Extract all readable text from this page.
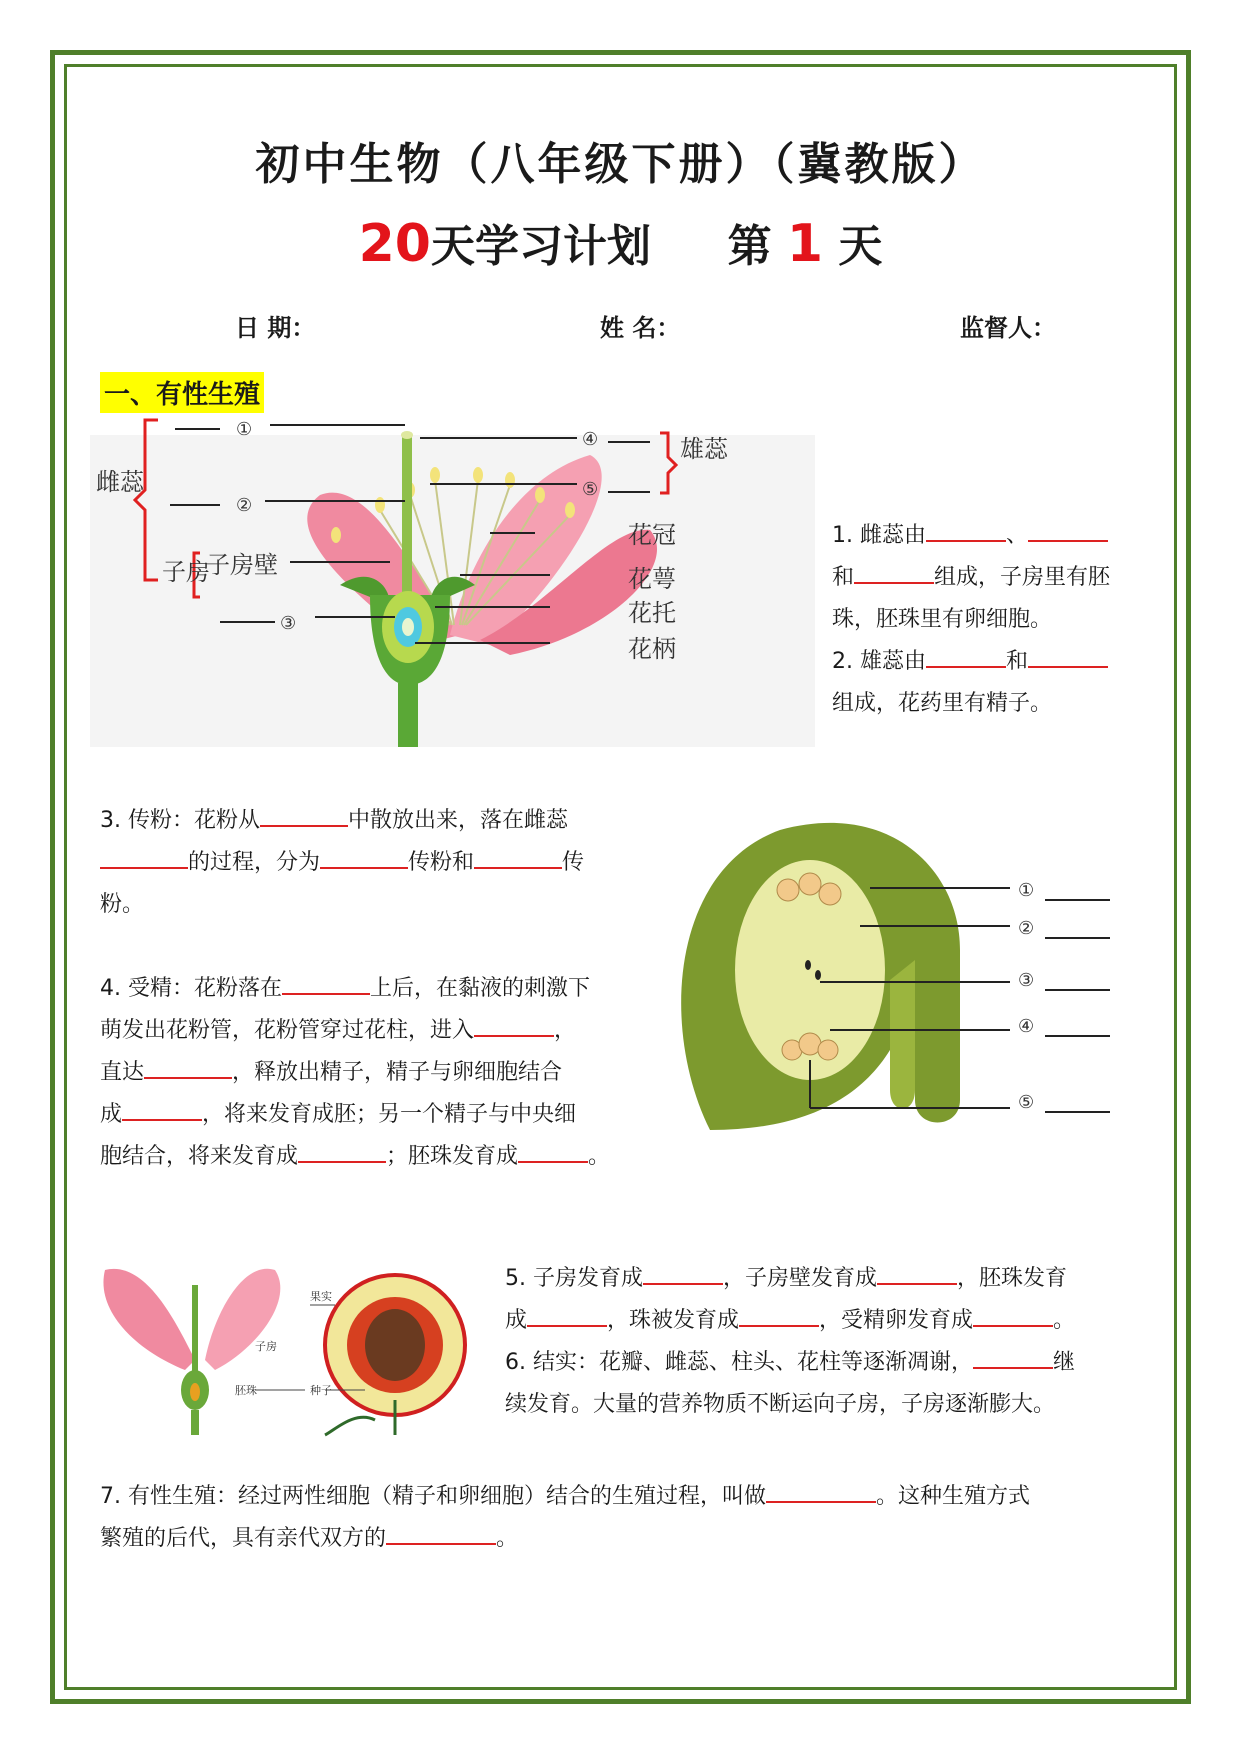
初中生物（八年级下册）（冀教版）
20天学习计划 第 1 天
日 期：	姓 名：	监督人：
一、有性生殖
雌蕊
雄蕊
子房
子房壁
花冠
花萼
花托
花柄
①
②
③
④
⑤
1. 雌蕊由	、
和	组成，子房里有胚
珠，胚珠里有卵细胞。
2. 雄蕊由	和
组成，花药里有精子。
3. 传粉：花粉从	中散放出来，落在雌蕊
的过程，分为	传粉和	传
粉。
4. 受精：花粉落在	上后，在黏液的刺激下
萌发出花粉管，花粉管穿过花柱，进入	，
直达	，释放出精子，精子与卵细胞结合
成	，将来发育成胚；另一个精子与中央细
胞结合，将来发育成	；胚珠发育成	。
①
②
③
④
⑤
果实
子房
胚珠	种子
5. 子房发育成	，子房壁发育成	，胚珠发育
成	，珠被发育成	，受精卵发育成	。
6. 结实：花瓣、雌蕊、柱头、花柱等逐渐凋谢，	继
续发育。大量的营养物质不断运向子房，子房逐渐膨大。
7. 有性生殖：经过两性细胞（精子和卵细胞）结合的生殖过程，叫做	。这种生殖方式
繁殖的后代，具有亲代双方的	。
